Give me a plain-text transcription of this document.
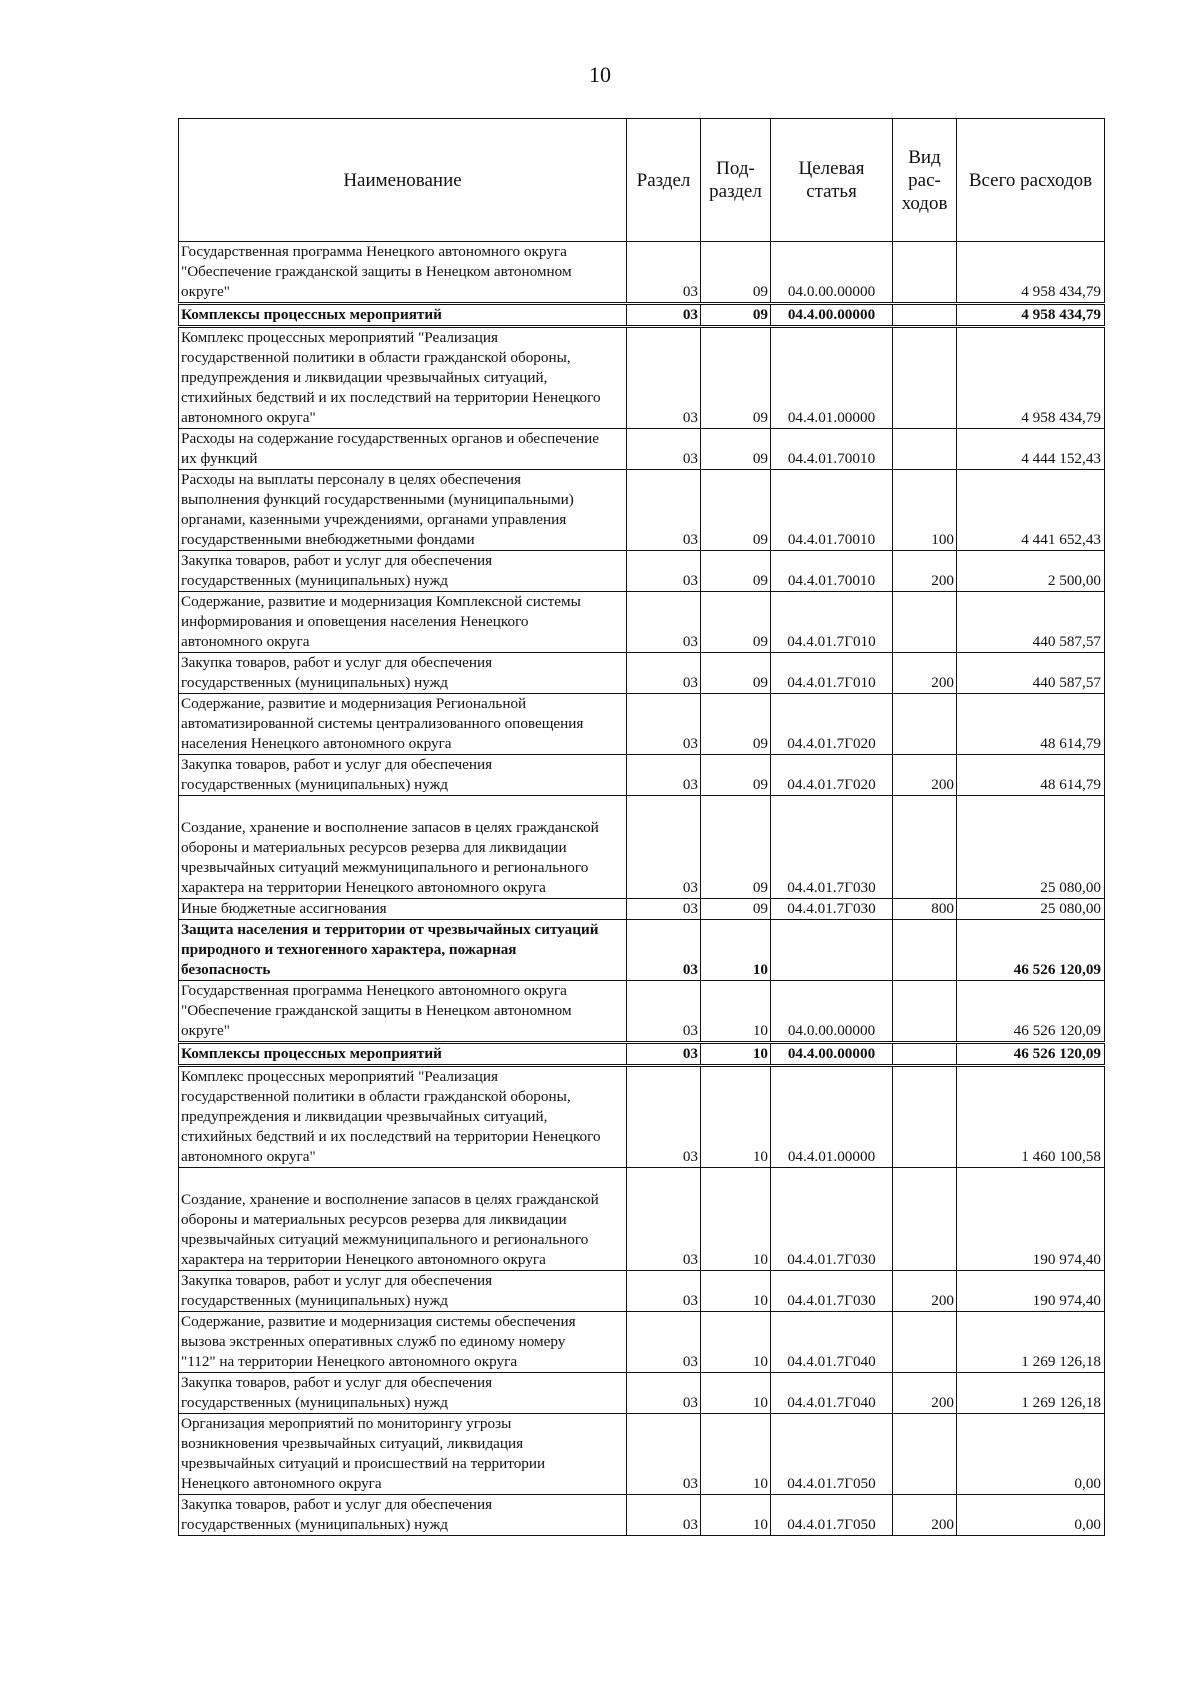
10
Наименование	Раздел	Под-
раздел	Целевая
статья	Вид
рас-
ходов	Всего расходов
Государственная программа Ненецкого автономного округа
"Обеспечение гражданской защиты в Ненецком автономном
округе"	03	09	04.0.00.00000		4 958 434,79
Комплексы процессных мероприятий	03	09	04.4.00.00000		4 958 434,79
Комплекс процессных мероприятий "Реализация
государственной политики в области гражданской обороны,
предупреждения и ликвидации чрезвычайных ситуаций,
стихийных бедствий и их последствий на территории Ненецкого
автономного округа"	03	09	04.4.01.00000		4 958 434,79
Расходы на содержание государственных органов и обеспечение
их функций	03	09	04.4.01.70010		4 444 152,43
Расходы на выплаты персоналу в целях обеспечения
выполнения функций государственными (муниципальными)
органами, казенными учреждениями, органами управления
государственными внебюджетными фондами	03	09	04.4.01.70010	100	4 441 652,43
Закупка товаров, работ и услуг для обеспечения
государственных (муниципальных) нужд	03	09	04.4.01.70010	200	2 500,00
Содержание, развитие и модернизация Комплексной системы
информирования и оповещения населения Ненецкого
автономного округа	03	09	04.4.01.7Г010		440 587,57
Закупка товаров, работ и услуг для обеспечения
государственных (муниципальных) нужд	03	09	04.4.01.7Г010	200	440 587,57
Содержание, развитие и модернизация Региональной
автоматизированной системы централизованного оповещения
населения Ненецкого автономного округа	03	09	04.4.01.7Г020		48 614,79
Закупка товаров, работ и услуг для обеспечения
государственных (муниципальных) нужд	03	09	04.4.01.7Г020	200	48 614,79
Создание, хранение и восполнение запасов в целях гражданской
обороны и материальных ресурсов резерва для ликвидации
чрезвычайных ситуаций межмуниципального и регионального
характера на территории Ненецкого автономного округа	03	09	04.4.01.7Г030		25 080,00
Иные бюджетные ассигнования	03	09	04.4.01.7Г030	800	25 080,00
Защита населения и территории от чрезвычайных ситуаций
природного и техногенного характера, пожарная
безопасность	03	10			46 526 120,09
Государственная программа Ненецкого автономного округа
"Обеспечение гражданской защиты в Ненецком автономном
округе"	03	10	04.0.00.00000		46 526 120,09
Комплексы процессных мероприятий	03	10	04.4.00.00000		46 526 120,09
Комплекс процессных мероприятий "Реализация
государственной политики в области гражданской обороны,
предупреждения и ликвидации чрезвычайных ситуаций,
стихийных бедствий и их последствий на территории Ненецкого
автономного округа"	03	10	04.4.01.00000		1 460 100,58
Создание, хранение и восполнение запасов в целях гражданской
обороны и материальных ресурсов резерва для ликвидации
чрезвычайных ситуаций межмуниципального и регионального
характера на территории Ненецкого автономного округа	03	10	04.4.01.7Г030		190 974,40
Закупка товаров, работ и услуг для обеспечения
государственных (муниципальных) нужд	03	10	04.4.01.7Г030	200	190 974,40
Содержание, развитие и модернизация системы обеспечения
вызова экстренных оперативных служб по единому номеру
"112" на территории Ненецкого автономного округа	03	10	04.4.01.7Г040		1 269 126,18
Закупка товаров, работ и услуг для обеспечения
государственных (муниципальных) нужд	03	10	04.4.01.7Г040	200	1 269 126,18
Организация мероприятий по мониторингу угрозы
возникновения чрезвычайных ситуаций, ликвидация
чрезвычайных ситуаций и происшествий на территории
Ненецкого автономного округа	03	10	04.4.01.7Г050		0,00
Закупка товаров, работ и услуг для обеспечения
государственных (муниципальных) нужд	03	10	04.4.01.7Г050	200	0,00
